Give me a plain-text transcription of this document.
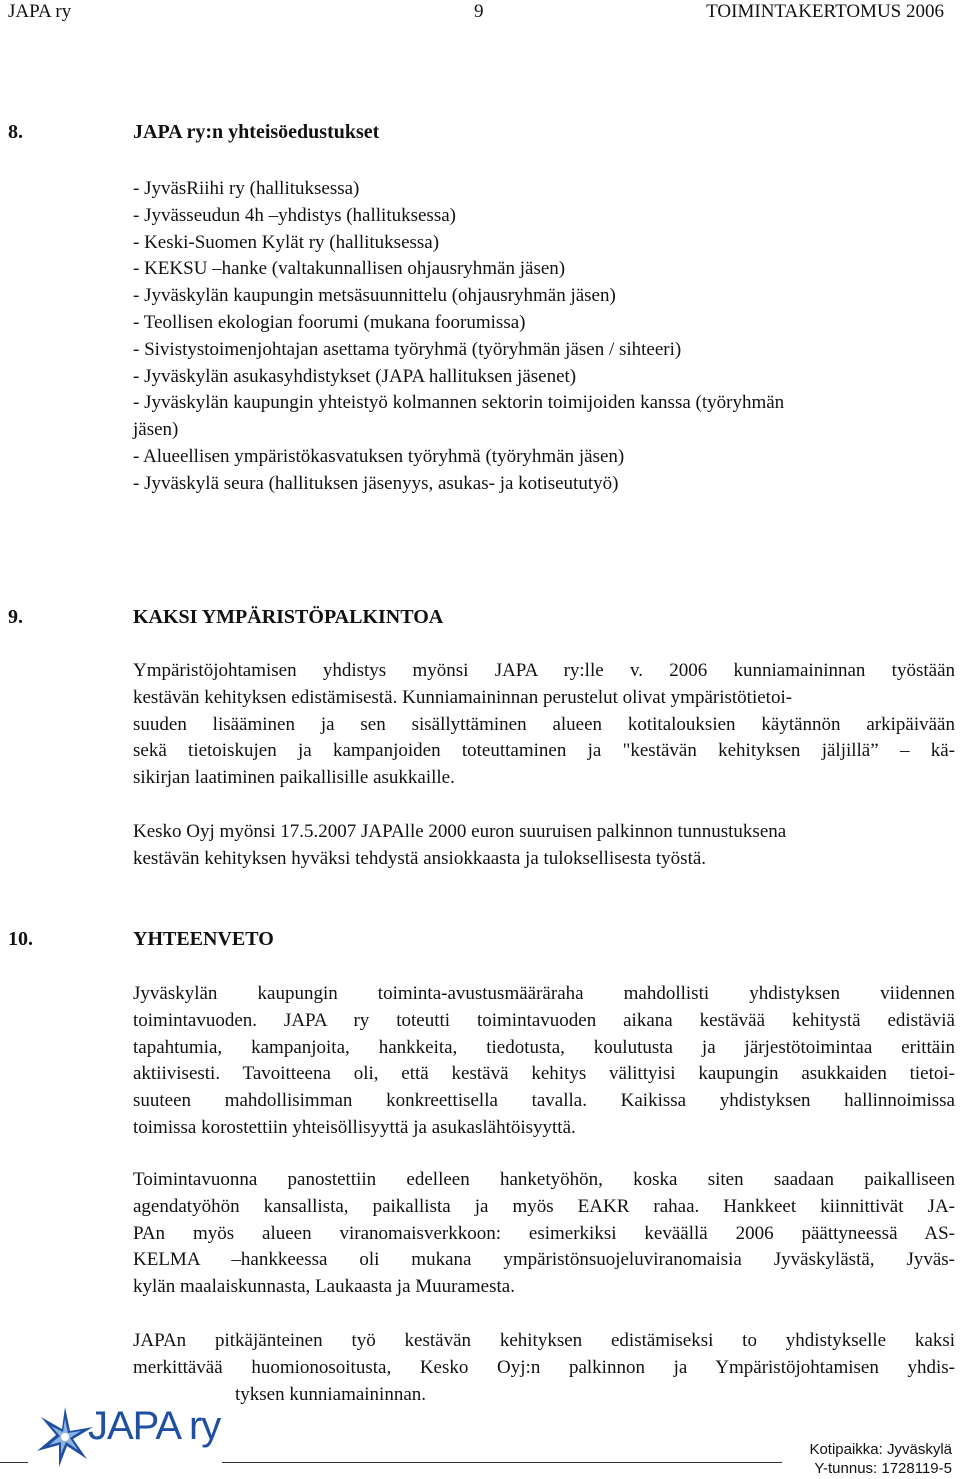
JAPA ry	9	TOIMINTAKERTOMUS 2006
8.	JAPA ry:n yhteisöedustukset
- JyväsRiihi ry (hallituksessa)
- Jyvässeudun 4h –yhdistys (hallituksessa)
- Keski-Suomen Kylät ry (hallituksessa)
- KEKSU –hanke (valtakunnallisen ohjausryhmän jäsen)
- Jyväskylän kaupungin metsäsuunnittelu (ohjausryhmän jäsen)
- Teollisen ekologian foorumi (mukana foorumissa)
- Sivistystoimenjohtajan asettama työryhmä (työryhmän jäsen / sihteeri)
- Jyväskylän asukasyhdistykset (JAPA hallituksen jäsenet)
- Jyväskylän kaupungin yhteistyö kolmannen sektorin toimijoiden kanssa (työryhmän
jäsen)
- Alueellisen ympäristökasvatuksen työryhmä (työryhmän jäsen)
- Jyväskylä seura (hallituksen jäsenyys, asukas- ja kotiseututyö)
9.	KAKSI YMPÄRISTÖPALKINTOA
Ympäristöjohtamisen yhdistys myönsi JAPA ry:lle v. 2006 kunniamaininnan työstään
kestävän kehityksen edistämisestä. Kunniamaininnan perustelut olivat ympäristötietoi-
suuden lisääminen ja sen sisällyttäminen alueen kotitalouksien käytännön arkipäivään
sekä tietoiskujen ja kampanjoiden toteuttaminen ja "kestävän kehityksen jäljillä” – kä-
sikirjan laatiminen paikallisille asukkaille.
Kesko Oyj myönsi 17.5.2007 JAPAlle 2000 euron suuruisen palkinnon tunnustuksena
kestävän kehityksen hyväksi tehdystä ansiokkaasta ja tuloksellisesta työstä.
10.	YHTEENVETO
Jyväskylän kaupungin toiminta-avustusmääräraha mahdollisti yhdistyksen viidennen
toimintavuoden. JAPA ry toteutti toimintavuoden aikana kestävää kehitystä edistäviä
tapahtumia, kampanjoita, hankkeita, tiedotusta, koulutusta ja järjestötoimintaa erittäin
aktiivisesti. Tavoitteena oli, että kestävä kehitys välittyisi kaupungin asukkaiden tietoi-
suuteen mahdollisimman konkreettisella tavalla. Kaikissa yhdistyksen hallinnoimissa
toimissa korostettiin yhteisöllisyyttä ja asukaslähtöisyyttä.
Toimintavuonna panostettiin edelleen hanketyöhön, koska siten saadaan paikalliseen
agendatyöhön kansallista, paikallista ja myös EAKR rahaa. Hankkeet kiinnittivät JA-
PAn myös alueen viranomaisverkkoon: esimerkiksi keväällä 2006 päättyneessä AS-
KELMA –hankkeessa oli mukana ympäristönsuojeluviranomaisia Jyväskylästä, Jyväs-
kylän maalaiskunnasta, Laukaasta ja Muuramesta.
JAPAn pitkäjänteinen työ kestävän kehityksen edistämiseksi to yhdistykselle kaksi
merkittävää huomionosoitusta, Kesko Oyj:n palkinnon ja Ympäristöjohtamisen yhdis-
tyksen kunniamaininnan.
JAPA ry
Kotipaikka: Jyväskylä
Y-tunnus: 1728119-5
